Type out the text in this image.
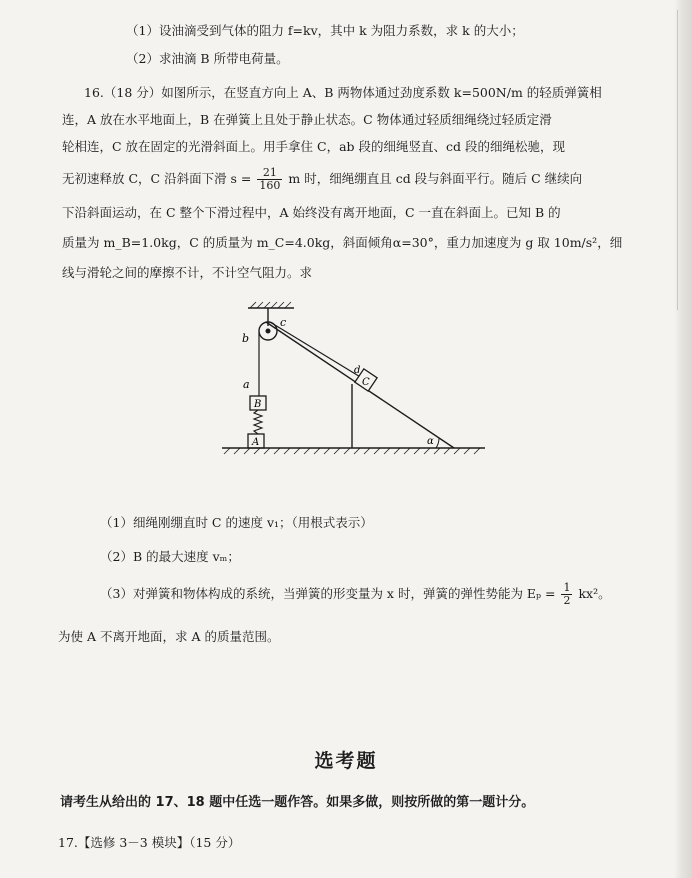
（1）设油滴受到气体的阻力 f=kv，其中 k 为阻力系数，求 k 的大小；
（2）求油滴 B 所带电荷量。
16.（18 分）如图所示，在竖直方向上 A、B 两物体通过劲度系数 k=500N/m 的轻质弹簧相
连，A 放在水平地面上，B 在弹簧上且处于静止状态。C 物体通过轻质细绳绕过轻质定滑
轮相连，C 放在固定的光滑斜面上。用手拿住 C，ab 段的细绳竖直、cd 段的细绳松驰，现
无初速释放 C，C 沿斜面下滑 $s = \frac{21}{160}$ m 时，细绳绷直且 cd 段与斜面平行。随后 C 继续向
下沿斜面运动，在 C 整个下滑过程中，A 始终没有离开地面，C 一直在斜面上。已知 B 的
质量为 m_B=1.0kg，C 的质量为 m_C=4.0kg，斜面倾角α=30°，重力加速度为 g 取 10m/s²，细
线与滑轮之间的摩擦不计，不计空气阻力。求
b
c
a
B
A
d
C
α
（1）细绳刚绷直时 C 的速度 v₁；（用根式表示）
（2）B 的最大速度 vₘ；
（3）对弹簧和物体构成的系统，当弹簧的形变量为 x 时，弹簧的弹性势能为 $E_p = \frac{1}{2} kx^2$。
为使 A 不离开地面，求 A 的质量范围。
选考题
请考生从给出的 17、18 题中任选一题作答。如果多做，则按所做的第一题计分。
17.【选修 3－3 模块】（15 分）
